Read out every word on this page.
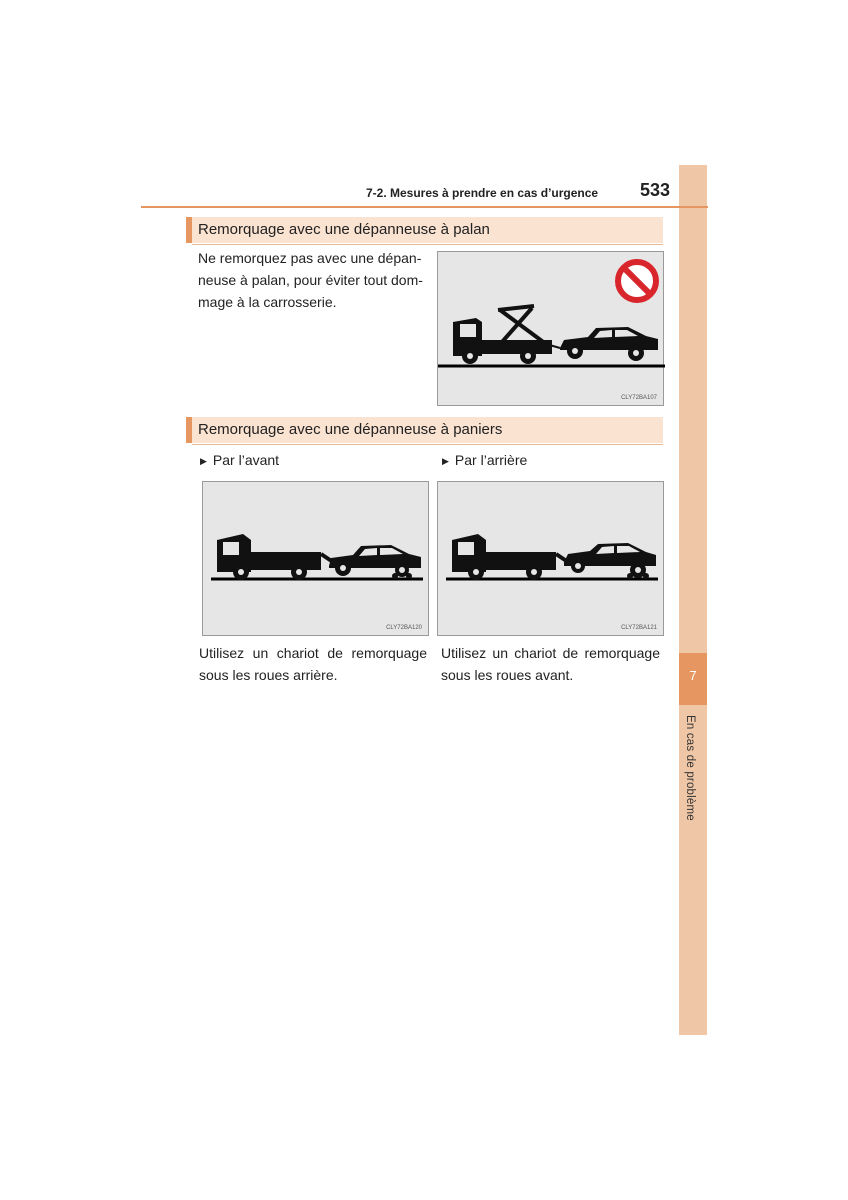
7
En cas de problème
7-2. Mesures à prendre en cas d’urgence 533
Remorquage avec une dépanneuse à palan
Ne remorquez pas avec une dépan-
neuse à palan, pour éviter tout dom-
mage à la carrosserie.
CLY72BA107
Remorquage avec une dépanneuse à paniers
▶ Par l’avant	▶ Par l’arrière
CLY72BA120	CLY72BA121
Utilisez un chariot de remorquage
sous les roues arrière.
Utilisez un chariot de remorquage
sous les roues avant.
